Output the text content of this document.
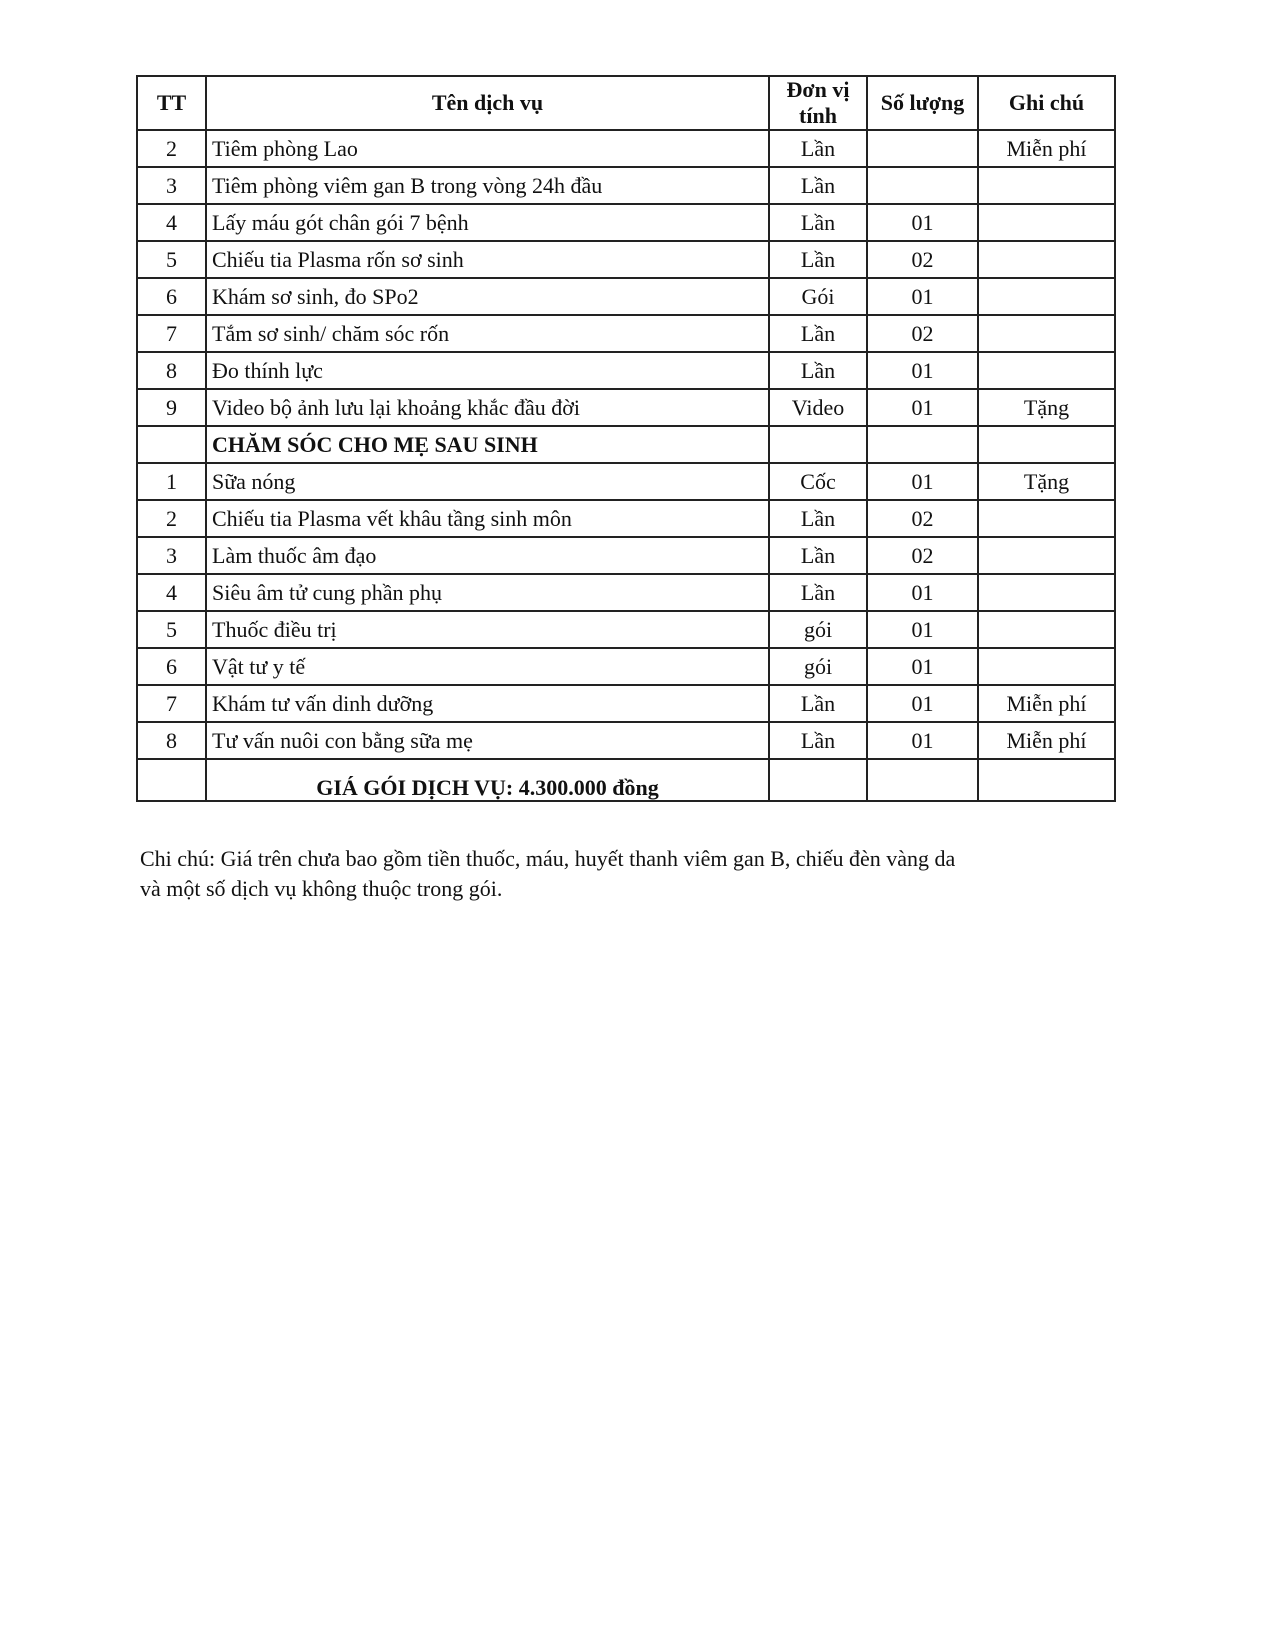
TT	Tên dịch vụ	Đơn vị tính	Số lượng	Ghi chú
2	Tiêm phòng Lao	Lần		Miễn phí
3	Tiêm phòng viêm gan B trong vòng 24h đầu	Lần		
4	Lấy máu gót chân gói 7 bệnh	Lần	01	
5	Chiếu tia Plasma rốn sơ sinh	Lần	02	
6	Khám sơ sinh, đo SPo2	Gói	01	
7	Tắm sơ sinh/ chăm sóc rốn	Lần	02	
8	Đo thính lực	Lần	01	
9	Video bộ ảnh lưu lại khoảng khắc đầu đời	Video	01	Tặng
	CHĂM SÓC CHO MẸ SAU SINH			
1	Sữa nóng	Cốc	01	Tặng
2	Chiếu tia Plasma vết khâu tầng sinh môn	Lần	02	
3	Làm thuốc âm đạo	Lần	02	
4	Siêu âm tử cung phần phụ	Lần	01	
5	Thuốc điều trị	gói	01	
6	Vật tư y tế	gói	01	
7	Khám tư vấn dinh dưỡng	Lần	01	Miễn phí
8	Tư vấn nuôi con bằng sữa mẹ	Lần	01	Miễn phí
	GIÁ GÓI DỊCH VỤ: 4.300.000 đồng			

Chi chú: Giá trên chưa bao gồm tiền thuốc, máu, huyết thanh viêm gan B, chiếu đèn vàng da và một số dịch vụ không thuộc trong gói.
